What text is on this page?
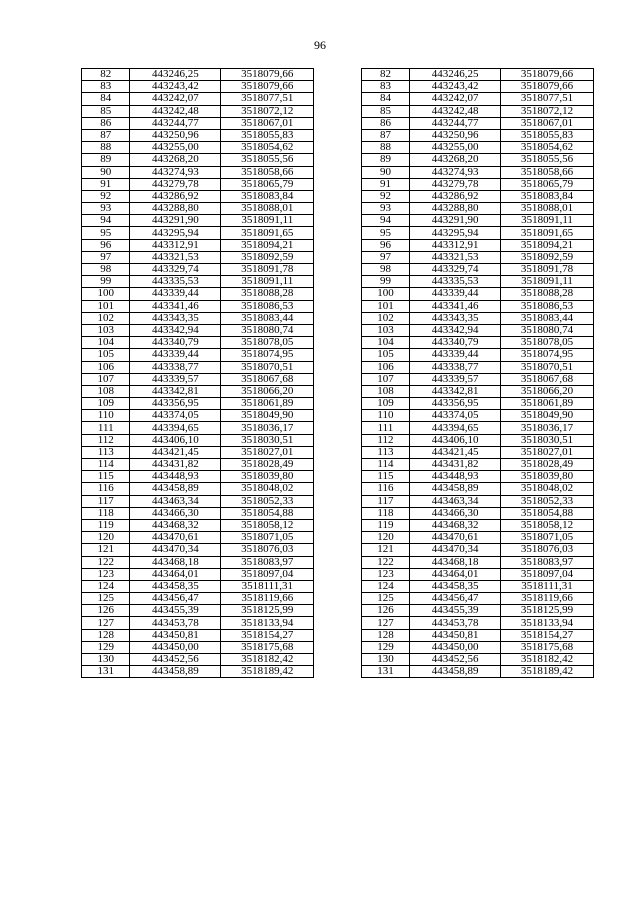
96
82	443246,25	3518079,66		82	443246,25	3518079,66
83	443243,42	3518079,66		83	443243,42	3518079,66
84	443242,07	3518077,51		84	443242,07	3518077,51
85	443242,48	3518072,12		85	443242,48	3518072,12
86	443244,77	3518067,01		86	443244,77	3518067,01
87	443250,96	3518055,83		87	443250,96	3518055,83
88	443255,00	3518054,62		88	443255,00	3518054,62
89	443268,20	3518055,56		89	443268,20	3518055,56
90	443274,93	3518058,66		90	443274,93	3518058,66
91	443279,78	3518065,79		91	443279,78	3518065,79
92	443286,92	3518083,84		92	443286,92	3518083,84
93	443288,80	3518088,01		93	443288,80	3518088,01
94	443291,90	3518091,11		94	443291,90	3518091,11
95	443295,94	3518091,65		95	443295,94	3518091,65
96	443312,91	3518094,21		96	443312,91	3518094,21
97	443321,53	3518092,59		97	443321,53	3518092,59
98	443329,74	3518091,78		98	443329,74	3518091,78
99	443335,53	3518091,11		99	443335,53	3518091,11
100	443339,44	3518088,28		100	443339,44	3518088,28
101	443341,46	3518086,53		101	443341,46	3518086,53
102	443343,35	3518083,44		102	443343,35	3518083,44
103	443342,94	3518080,74		103	443342,94	3518080,74
104	443340,79	3518078,05		104	443340,79	3518078,05
105	443339,44	3518074,95		105	443339,44	3518074,95
106	443338,77	3518070,51		106	443338,77	3518070,51
107	443339,57	3518067,68		107	443339,57	3518067,68
108	443342,81	3518066,20		108	443342,81	3518066,20
109	443356,95	3518061,89		109	443356,95	3518061,89
110	443374,05	3518049,90		110	443374,05	3518049,90
111	443394,65	3518036,17		111	443394,65	3518036,17
112	443406,10	3518030,51		112	443406,10	3518030,51
113	443421,45	3518027,01		113	443421,45	3518027,01
114	443431,82	3518028,49		114	443431,82	3518028,49
115	443448,93	3518039,80		115	443448,93	3518039,80
116	443458,89	3518048,02		116	443458,89	3518048,02
117	443463,34	3518052,33		117	443463,34	3518052,33
118	443466,30	3518054,88		118	443466,30	3518054,88
119	443468,32	3518058,12		119	443468,32	3518058,12
120	443470,61	3518071,05		120	443470,61	3518071,05
121	443470,34	3518076,03		121	443470,34	3518076,03
122	443468,18	3518083,97		122	443468,18	3518083,97
123	443464,01	3518097,04		123	443464,01	3518097,04
124	443458,35	3518111,31		124	443458,35	3518111,31
125	443456,47	3518119,66		125	443456,47	3518119,66
126	443455,39	3518125,99		126	443455,39	3518125,99
127	443453,78	3518133,94		127	443453,78	3518133,94
128	443450,81	3518154,27		128	443450,81	3518154,27
129	443450,00	3518175,68		129	443450,00	3518175,68
130	443452,56	3518182,42		130	443452,56	3518182,42
131	443458,89	3518189,42		131	443458,89	3518189,42
